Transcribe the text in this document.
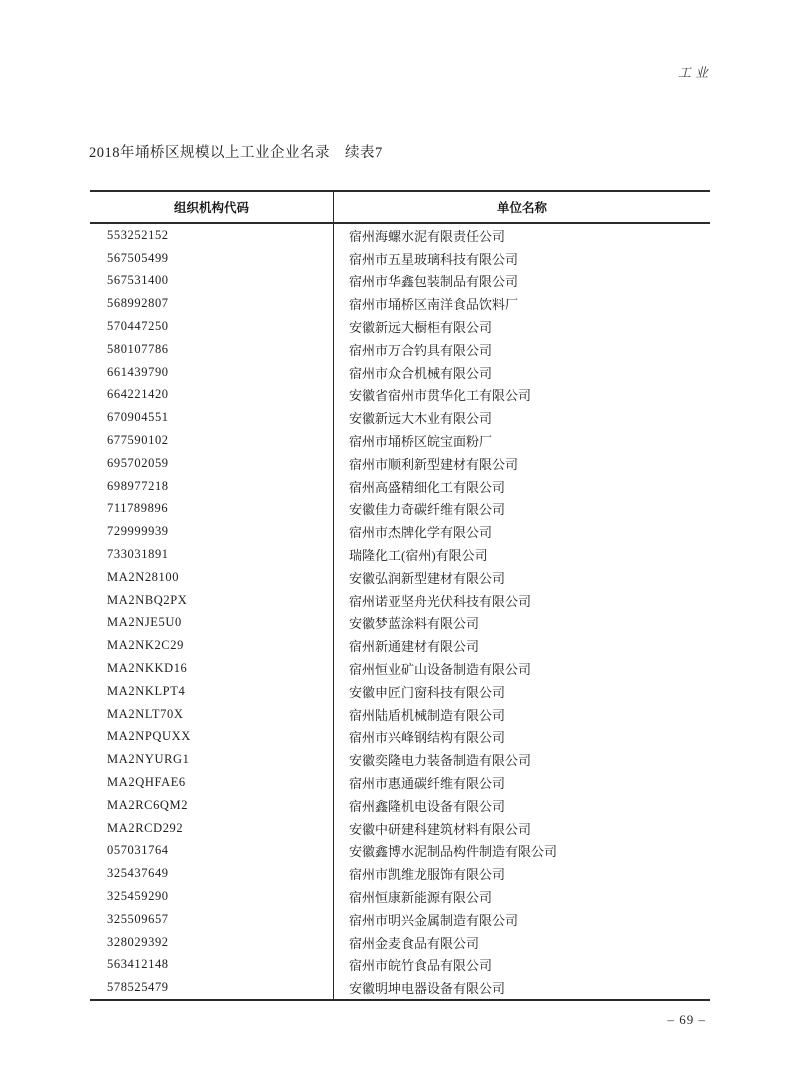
工业
2018年埇桥区规模以上工业企业名录　续表7
组织机构代码	单位名称
553252152	宿州海螺水泥有限责任公司
567505499	宿州市五星玻璃科技有限公司
567531400	宿州市华鑫包装制品有限公司
568992807	宿州市埇桥区南洋食品饮料厂
570447250	安徽新远大橱柜有限公司
580107786	宿州市万合钓具有限公司
661439790	宿州市众合机械有限公司
664221420	安徽省宿州市贯华化工有限公司
670904551	安徽新远大木业有限公司
677590102	宿州市埇桥区皖宝面粉厂
695702059	宿州市顺利新型建材有限公司
698977218	宿州高盛精细化工有限公司
711789896	安徽佳力奇碳纤维有限公司
729999939	宿州市杰牌化学有限公司
733031891	瑞隆化工(宿州)有限公司
MA2N28100	安徽弘润新型建材有限公司
MA2NBQ2PX	宿州诺亚坚舟光伏科技有限公司
MA2NJE5U0	安徽梦蓝涂料有限公司
MA2NK2C29	宿州新通建材有限公司
MA2NKKD16	宿州恒业矿山设备制造有限公司
MA2NKLPT4	安徽申匠门窗科技有限公司
MA2NLT70X	宿州陆盾机械制造有限公司
MA2NPQUXX	宿州市兴峰钢结构有限公司
MA2NYURG1	安徽奕隆电力装备制造有限公司
MA2QHFAE6	宿州市惠通碳纤维有限公司
MA2RC6QM2	宿州鑫隆机电设备有限公司
MA2RCD292	安徽中研建科建筑材料有限公司
057031764	安徽鑫博水泥制品构件制造有限公司
325437649	宿州市凯维龙服饰有限公司
325459290	宿州恒康新能源有限公司
325509657	宿州市明兴金属制造有限公司
328029392	宿州金麦食品有限公司
563412148	宿州市皖竹食品有限公司
578525479	安徽明坤电器设备有限公司
– 69 –
